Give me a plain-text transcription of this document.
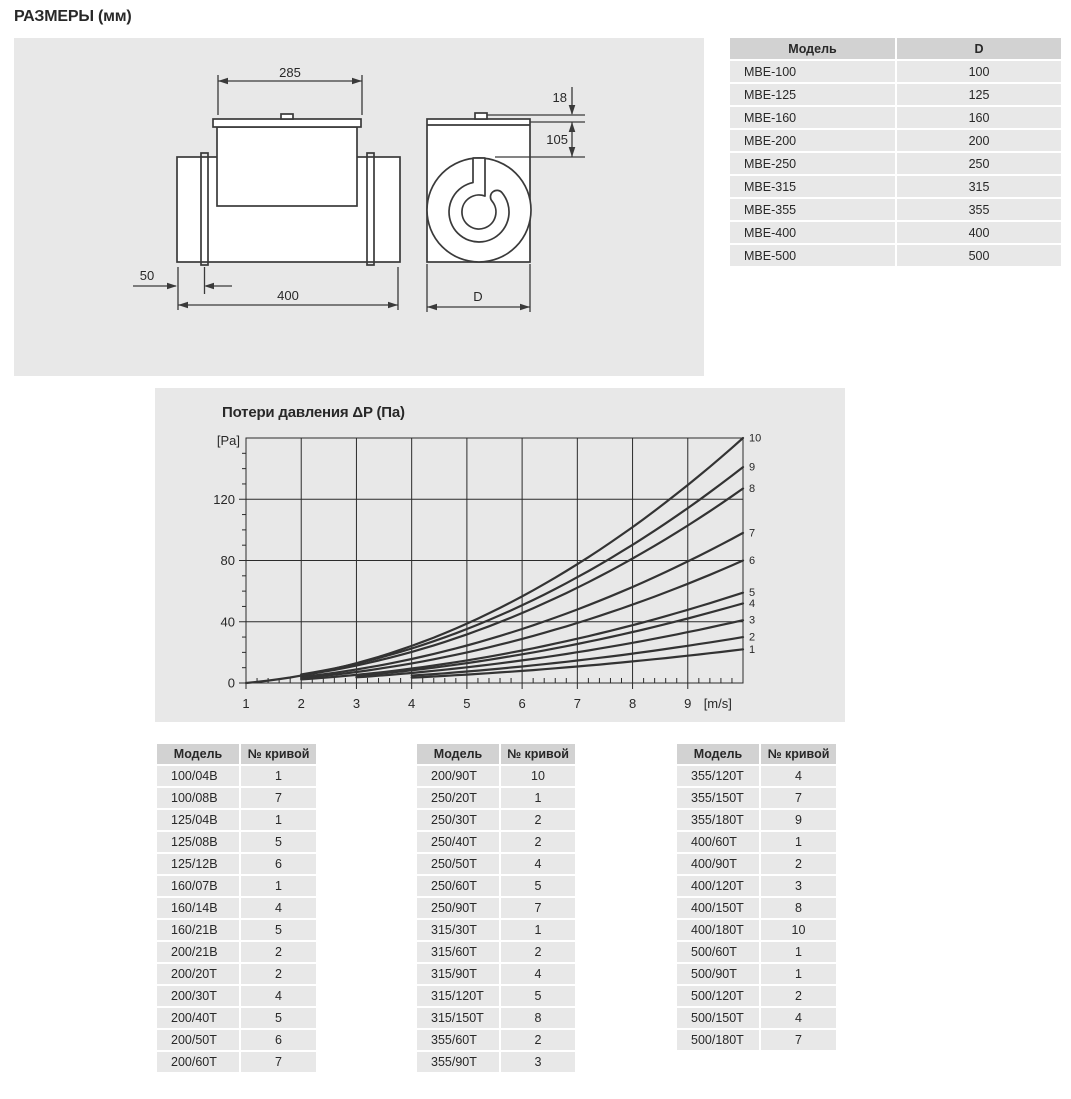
РАЗМЕРЫ (мм)
285
400
50
18
105
D
Модель	D
MBE-100	100
MBE-125	125
MBE-160	160
MBE-200	200
MBE-250	250
MBE-315	315
MBE-355	355
MBE-400	400
MBE-500	500
Потери давления ΔP (Па)
1	2	3	4	5	6	7	8	9
0
40
80
120
[Pa]
[m/s]
1
2
3
4
5
6
7
8
9
10
Модель	№ кривой
100/04B	1
100/08B	7
125/04B	1
125/08B	5
125/12B	6
160/07B	1
160/14B	4
160/21B	5
200/21B	2
200/20T	2
200/30T	4
200/40T	5
200/50T	6
200/60T	7
Модель	№ кривой
200/90T	10
250/20T	1
250/30T	2
250/40T	2
250/50T	4
250/60T	5
250/90T	7
315/30T	1
315/60T	2
315/90T	4
315/120T	5
315/150T	8
355/60T	2
355/90T	3
Модель	№ кривой
355/120T	4
355/150T	7
355/180T	9
400/60T	1
400/90T	2
400/120T	3
400/150T	8
400/180T	10
500/60T	1
500/90T	1
500/120T	2
500/150T	4
500/180T	7
